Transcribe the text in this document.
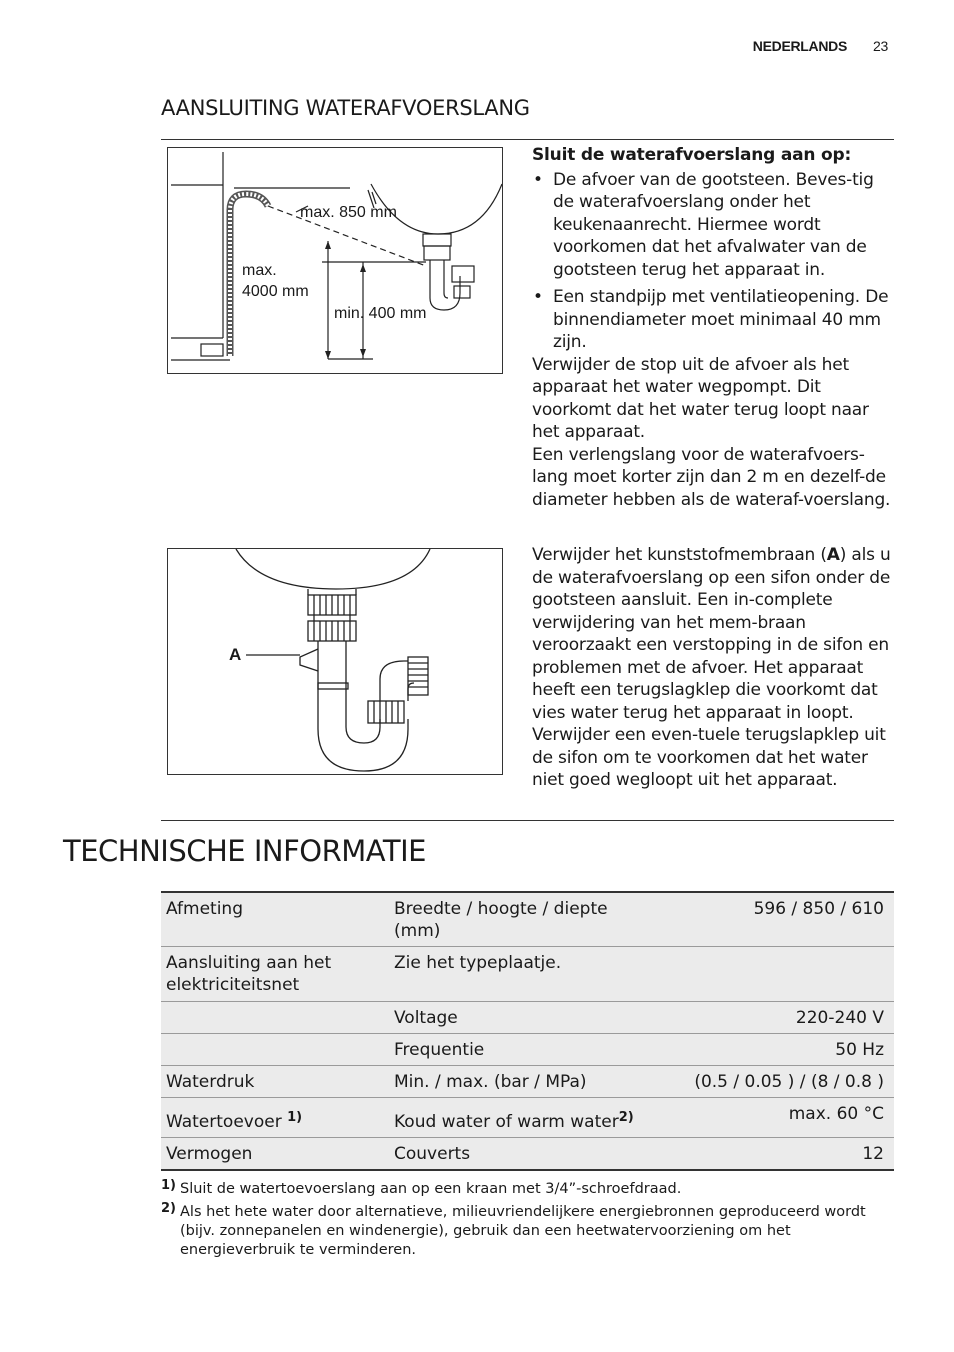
NEDERLANDS 23
AANSLUITING WATERAFVOERSLANG
max. 850 mm
max.
4000 mm
min. 400 mm

Sluit de waterafvoerslang aan op:

• De afvoer van de gootsteen. Beves-tig de waterafvoerslang onder het keukenaanrecht. Hiermee wordt voorkomen dat het afvalwater van de gootsteen terug het apparaat in.
• Een standpijp met ventilatieopening. De binnendiameter moet minimaal 40 mm zijn.

Verwijder de stop uit de afvoer als het apparaat het water wegpompt. Dit voorkomt dat het water terug loopt naar het apparaat.

Een verlengslang voor de waterafvoers-lang moet korter zijn dan 2 m en dezelf-de diameter hebben als de wateraf-voerslang.

A

Verwijder het kunststofmembraan (A) als u de waterafvoerslang op een sifon onder de gootsteen aansluit. Een in-complete verwijdering van het mem-braan veroorzaakt een verstopping in de sifon en problemen met de afvoer. Het apparaat heeft een terugslagklep die voorkomt dat vies water terug het apparaat in loopt. Verwijder een even-tuele terugslapklep uit de sifon om te voorkomen dat het water niet goed wegloopt uit het apparaat.

TECHNISCHE INFORMATIE
Afmeting	Breedte / hoogte / diepte (mm)	596 / 850 / 610
Aansluiting aan het elektriciteitsnet	Zie het typeplaatje.	
	Voltage	220-240 V
	Frequentie	50 Hz
Waterdruk	Min. / max. (bar / MPa)	(0.5 / 0.05 ) / (8 / 0.8 )
Watertoevoer $^{1)}$	Koud water of warm water$^{2)}$	max. 60 °C
Vermogen	Couverts	12
1) Sluit de watertoevoerslang aan op een kraan met 3/4”-schroefdraad.
2) Als het hete water door alternatieve, milieuvriendelijkere energiebronnen geproduceerd wordt (bijv. zonnepanelen en windenergie), gebruik dan een heetwatervoorziening om het energieverbruik te verminderen.
